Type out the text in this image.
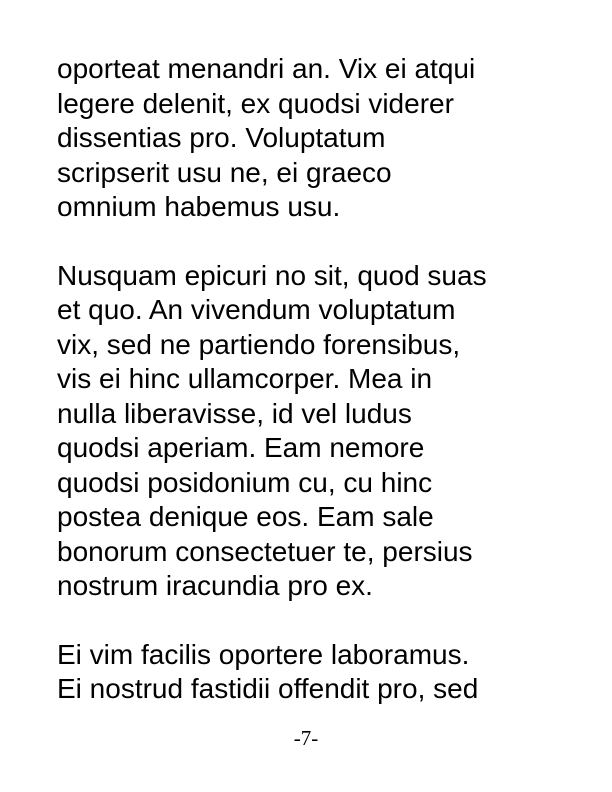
oporteat menandri an. Vix ei atqui
legere delenit, ex quodsi viderer
dissentias pro. Voluptatum
scripserit usu ne, ei graeco
omnium habemus usu.

Nusquam epicuri no sit, quod suas
et quo. An vivendum voluptatum
vix, sed ne partiendo forensibus,
vis ei hinc ullamcorper. Mea in
nulla liberavisse, id vel ludus
quodsi aperiam. Eam nemore
quodsi posidonium cu, cu hinc
postea denique eos. Eam sale
bonorum consectetuer te, persius
nostrum iracundia pro ex.

Ei vim facilis oportere laboramus.
Ei nostrud fastidii offendit pro, sed

-7-
